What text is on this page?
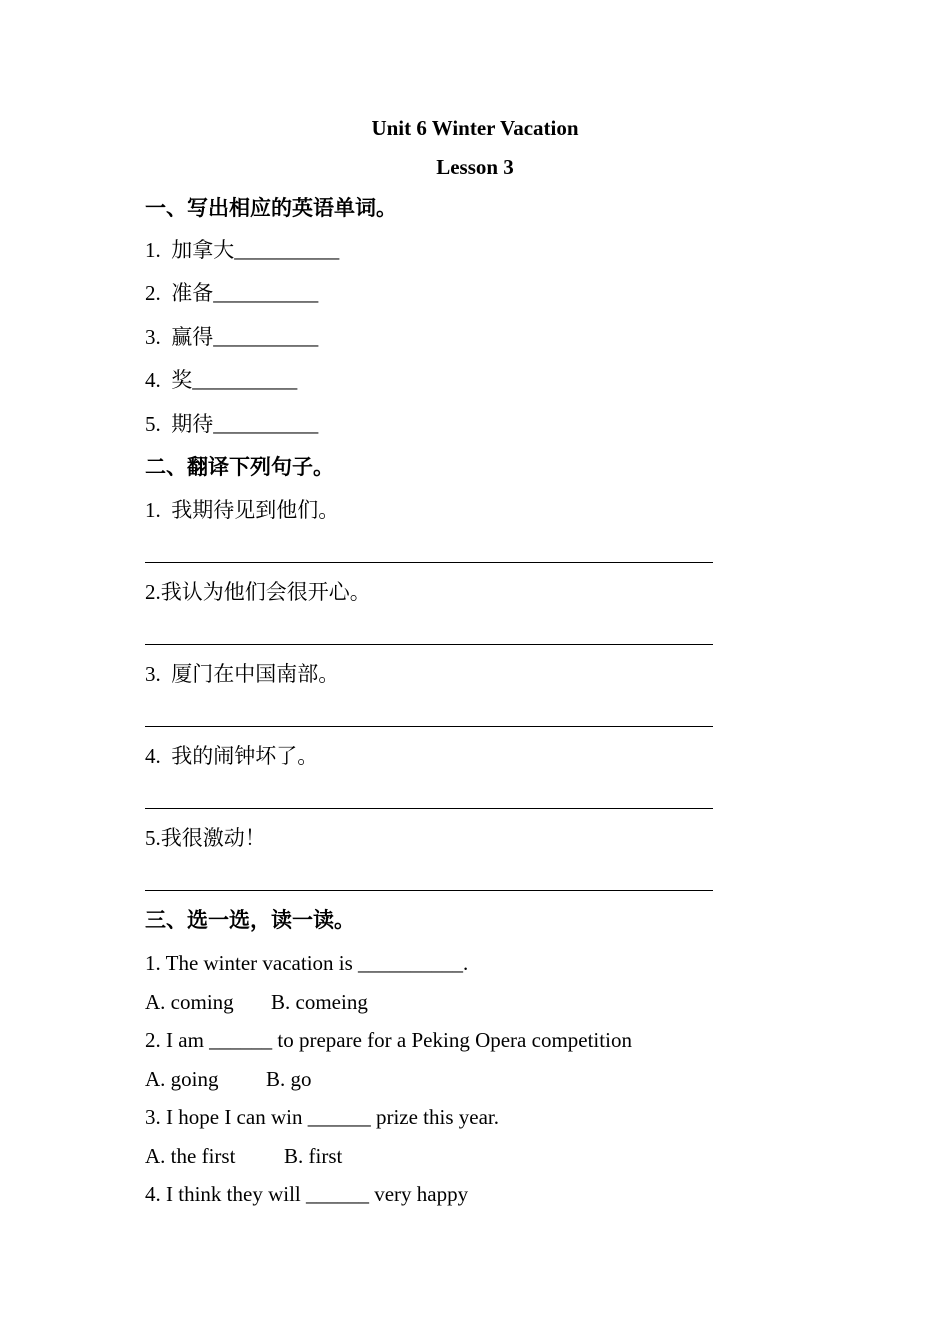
Unit 6 Winter Vacation
Lesson 3
一、写出相应的英语单词。
1.  加拿大__________
2.  准备__________
3.  赢得__________
4.  奖__________
5.  期待__________
二、翻译下列句子。
1.  我期待见到他们。
2.我认为他们会很开心。
3.  厦门在中国南部。
4.  我的闹钟坏了。
5.我很激动！
三、选一选，读一读。
1. The winter vacation is __________.
A. coming B. comeing
2. I am ______ to prepare for a Peking Opera competition
A. going B. go
3. I hope I can win ______ prize this year.
A. the first B. first
4. I think they will ______ very happy
